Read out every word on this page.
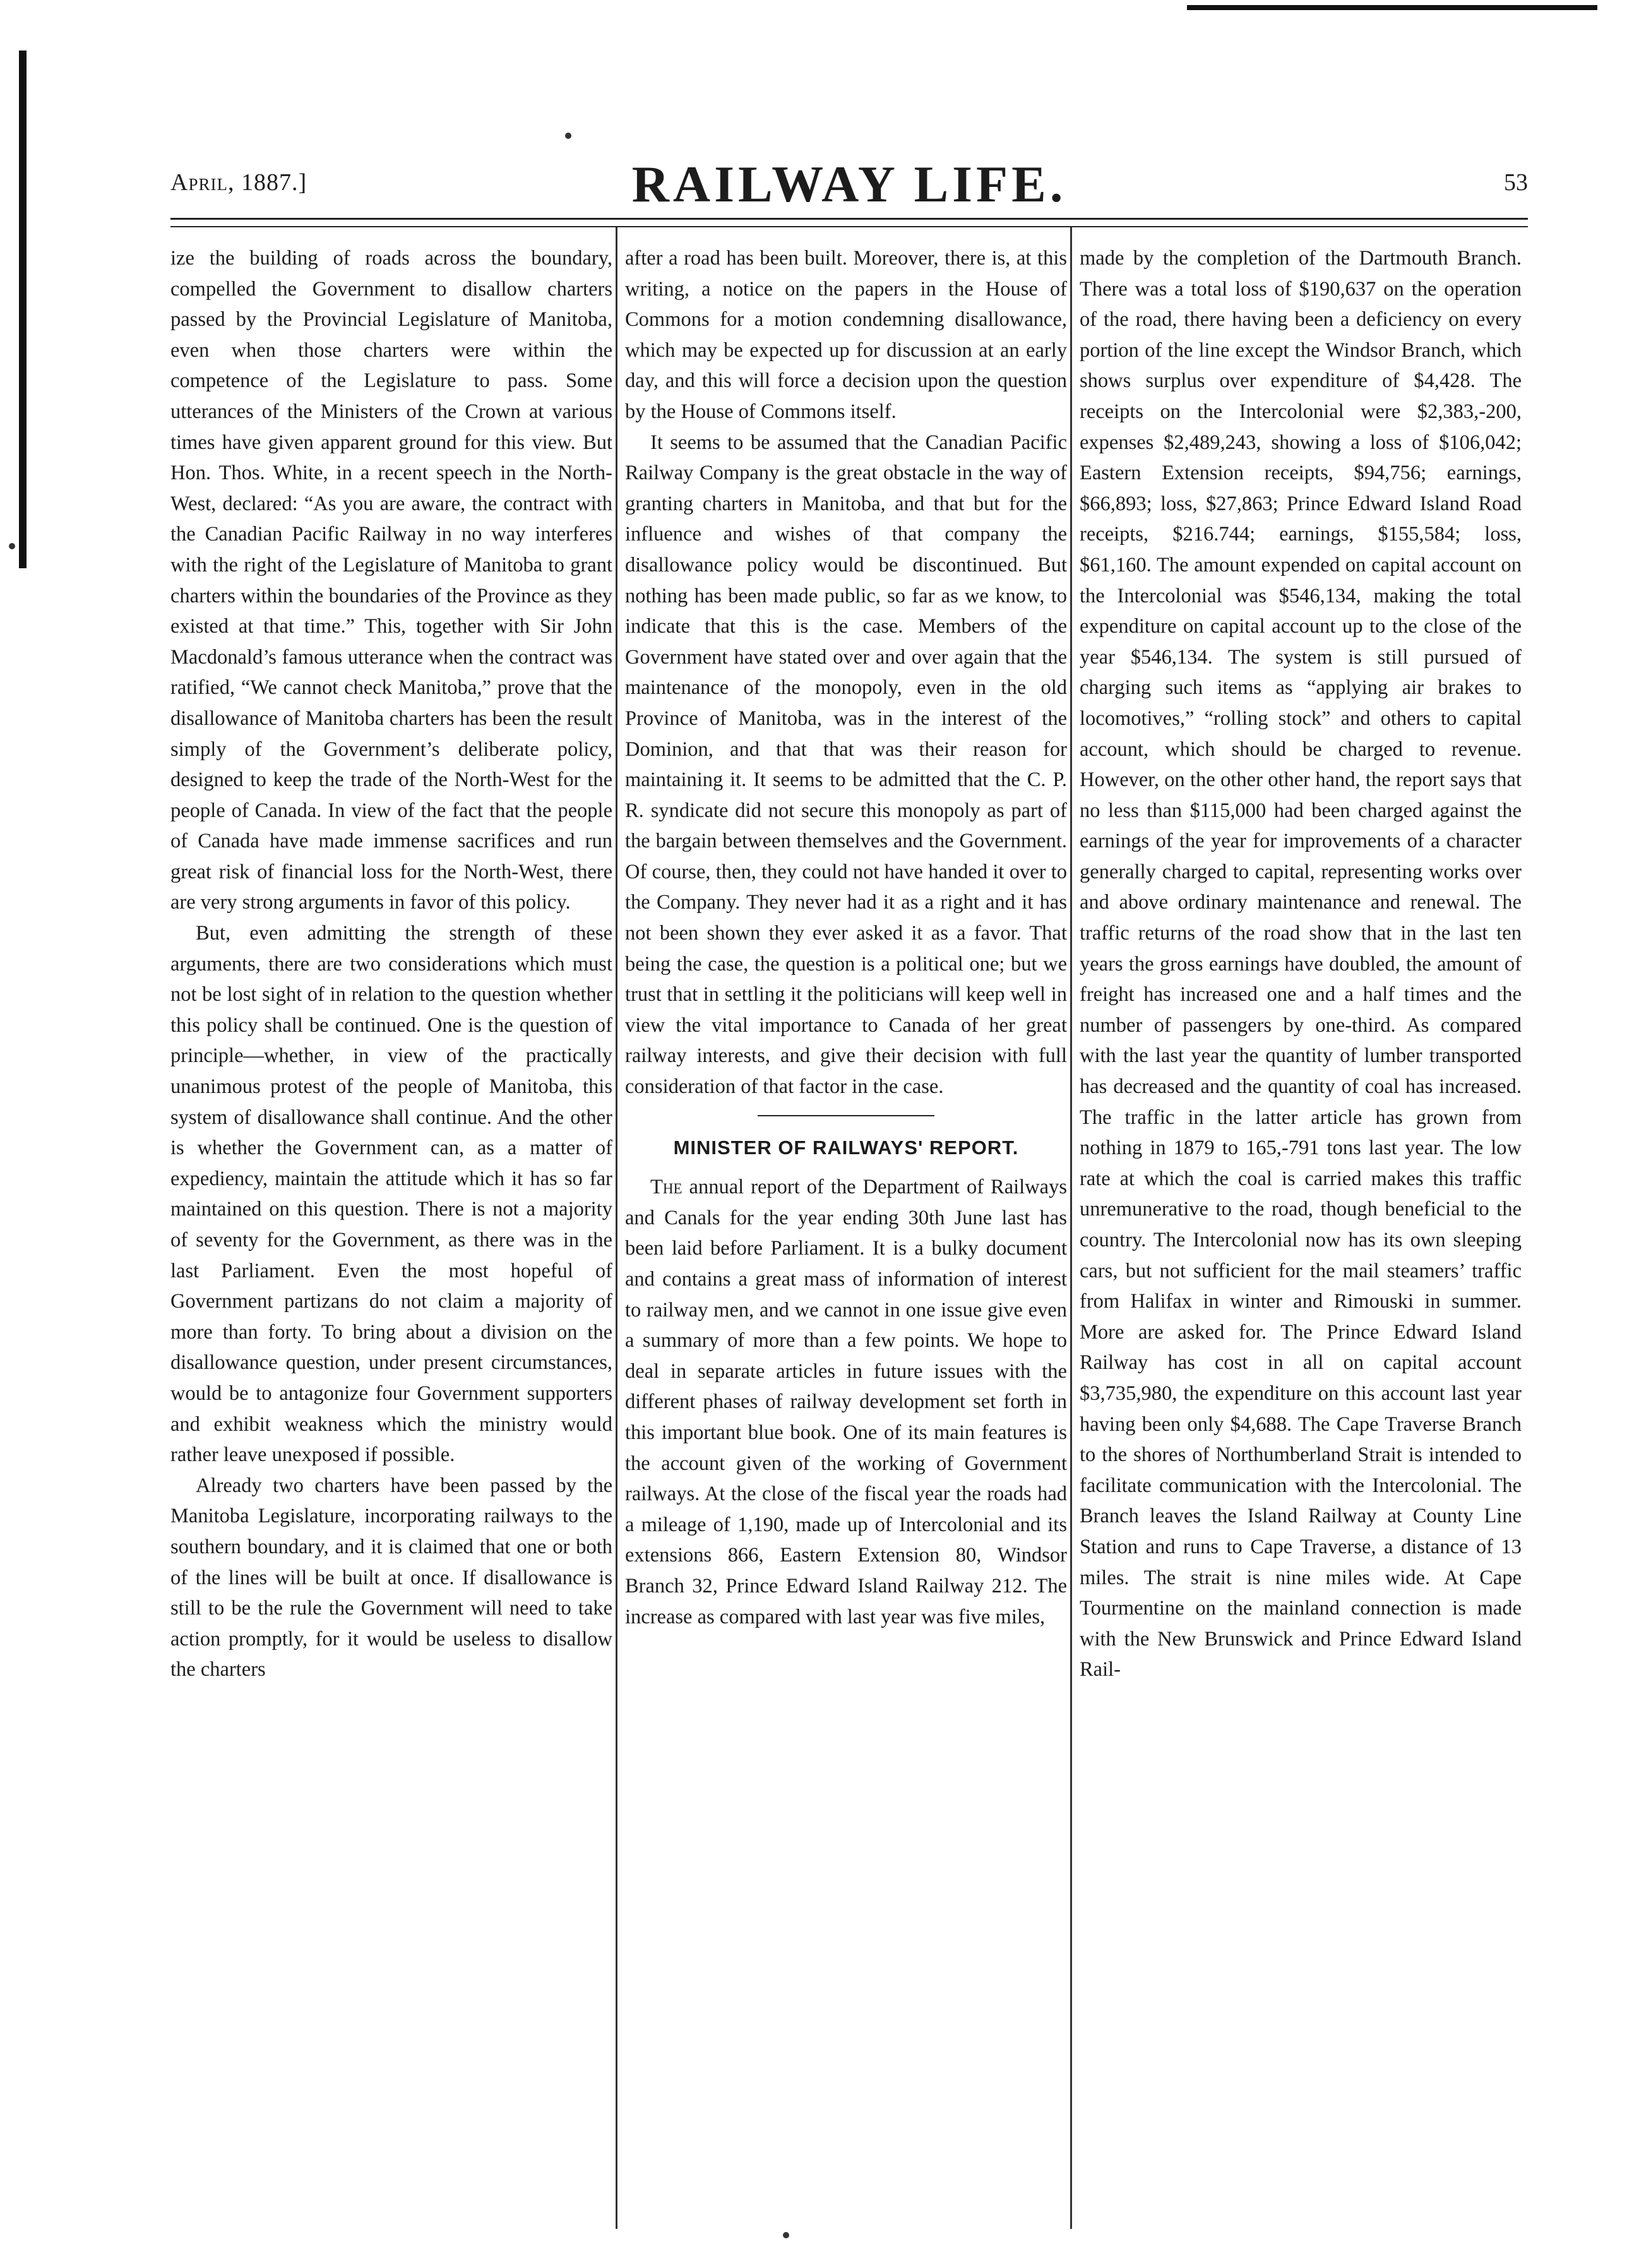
April, 1887.]	RAILWAY LIFE.	53

ize the building of roads across the boundary, compelled the Government to disallow charters passed by the Provincial Legislature of Manitoba, even when those charters were within the competence of the Legislature to pass. Some utterances of the Ministers of the Crown at various times have given apparent ground for this view. But Hon. Thos. White, in a recent speech in the North-West, declared: “As you are aware, the contract with the Canadian Pacific Railway in no way interferes with the right of the Legislature of Manitoba to grant charters within the boundaries of the Province as they existed at that time.” This, together with Sir John Macdonald’s famous utterance when the contract was ratified, “We cannot check Manitoba,” prove that the disallowance of Manitoba charters has been the result simply of the Government’s deliberate policy, designed to keep the trade of the North-West for the people of Canada. In view of the fact that the people of Canada have made immense sacrifices and run great risk of financial loss for the North-West, there are very strong arguments in favor of this policy.

But, even admitting the strength of these arguments, there are two considerations which must not be lost sight of in relation to the question whether this policy shall be continued. One is the question of principle—whether, in view of the practically unanimous protest of the people of Manitoba, this system of disallowance shall continue. And the other is whether the Government can, as a matter of expediency, maintain the attitude which it has so far maintained on this question. There is not a majority of seventy for the Government, as there was in the last Parliament. Even the most hopeful of Government partizans do not claim a majority of more than forty. To bring about a division on the disallowance question, under present circumstances, would be to antagonize four Government supporters and exhibit weakness which the ministry would rather leave unexposed if possible.

Already two charters have been passed by the Manitoba Legislature, incorporating railways to the southern boundary, and it is claimed that one or both of the lines will be built at once. If disallowance is still to be the rule the Government will need to take action promptly, for it would be useless to disallow the charters

after a road has been built. Moreover, there is, at this writing, a notice on the papers in the House of Commons for a motion condemning disallowance, which may be expected up for discussion at an early day, and this will force a decision upon the question by the House of Commons itself.

It seems to be assumed that the Canadian Pacific Railway Company is the great obstacle in the way of granting charters in Manitoba, and that but for the influence and wishes of that company the disallowance policy would be discontinued. But nothing has been made public, so far as we know, to indicate that this is the case. Members of the Government have stated over and over again that the maintenance of the monopoly, even in the old Province of Manitoba, was in the interest of the Dominion, and that that was their reason for maintaining it. It seems to be admitted that the C. P. R. syndicate did not secure this monopoly as part of the bargain between themselves and the Government. Of course, then, they could not have handed it over to the Company. They never had it as a right and it has not been shown they ever asked it as a favor. That being the case, the question is a political one; but we trust that in settling it the politicians will keep well in view the vital importance to Canada of her great railway interests, and give their decision with full consideration of that factor in the case.

MINISTER OF RAILWAYS' REPORT.

The annual report of the Department of Railways and Canals for the year ending 30th June last has been laid before Parliament. It is a bulky document and contains a great mass of information of interest to railway men, and we cannot in one issue give even a summary of more than a few points. We hope to deal in separate articles in future issues with the different phases of railway development set forth in this important blue book. One of its main features is the account given of the working of Government railways. At the close of the fiscal year the roads had a mileage of 1,190, made up of Intercolonial and its extensions 866, Eastern Extension 80, Windsor Branch 32, Prince Edward Island Railway 212. The increase as compared with last year was five miles,

made by the completion of the Dartmouth Branch. There was a total loss of $190,637 on the operation of the road, there having been a deficiency on every portion of the line except the Windsor Branch, which shows surplus over expenditure of $4,428. The receipts on the Intercolonial were $2,383,-200, expenses $2,489,243, showing a loss of $106,042; Eastern Extension receipts, $94,756; earnings, $66,893; loss, $27,863; Prince Edward Island Road receipts, $216.744; earnings, $155,584; loss, $61,160. The amount expended on capital account on the Intercolonial was $546,134, making the total expenditure on capital account up to the close of the year $546,134. The system is still pursued of charging such items as “applying air brakes to locomotives,” “rolling stock” and others to capital account, which should be charged to revenue. However, on the other other hand, the report says that no less than $115,000 had been charged against the earnings of the year for improvements of a character generally charged to capital, representing works over and above ordinary maintenance and renewal. The traffic returns of the road show that in the last ten years the gross earnings have doubled, the amount of freight has increased one and a half times and the number of passengers by one-third. As compared with the last year the quantity of lumber transported has decreased and the quantity of coal has increased. The traffic in the latter article has grown from nothing in 1879 to 165,-791 tons last year. The low rate at which the coal is carried makes this traffic unremunerative to the road, though beneficial to the country. The Intercolonial now has its own sleeping cars, but not sufficient for the mail steamers’ traffic from Halifax in winter and Rimouski in summer. More are asked for. The Prince Edward Island Railway has cost in all on capital account $3,735,980, the expenditure on this account last year having been only $4,688. The Cape Traverse Branch to the shores of Northumberland Strait is intended to facilitate communication with the Intercolonial. The Branch leaves the Island Railway at County Line Station and runs to Cape Traverse, a distance of 13 miles. The strait is nine miles wide. At Cape Tourmentine on the mainland connection is made with the New Brunswick and Prince Edward Island Rail-
